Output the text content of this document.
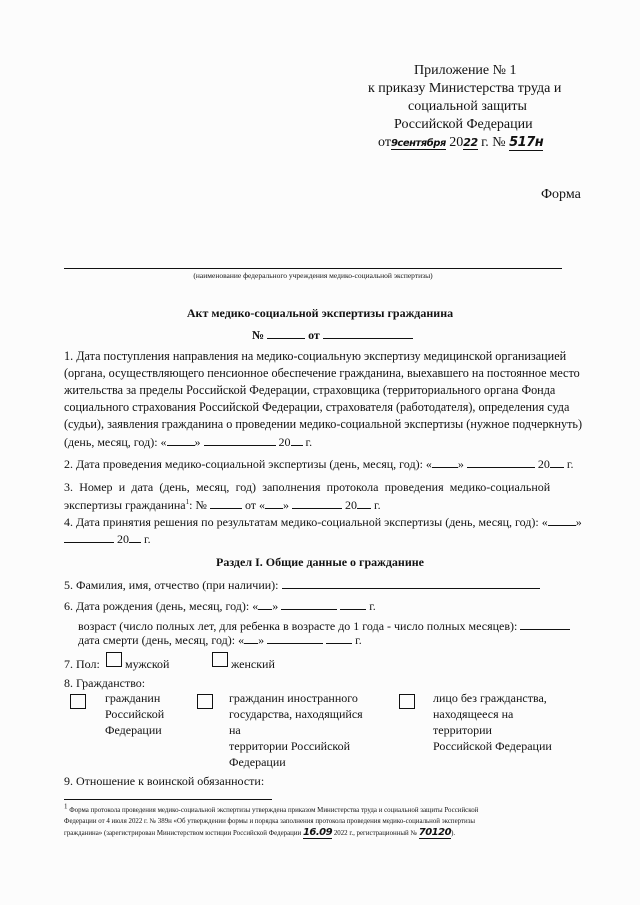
Приложение № 1
к приказу Министерства труда и
социальной защиты
Российской Федерации
от9сентября 2022 г. № 517н
Форма
(наименование федерального учреждения медико-социальной экспертизы)
Акт медико-социальной экспертизы гражданина
№	от
1. Дата поступления направления на медико-социальную экспертизу медицинской организацией
(органа, осуществляющего пенсионное обеспечение гражданина, выехавшего на постоянное место
жительства за пределы Российской Федерации, страховщика (территориального органа Фонда
социального страхования Российской Федерации, страхователя (работодателя), определения суда
(судьи), заявления гражданина о проведении медико-социальной экспертизы (нужное подчеркнуть)
(день, месяц, год): « »	20 г.
2. Дата проведения медико-социальной экспертизы (день, месяц, год): « »	20 г.
3. Номер и дата (день, месяц, год) заполнения протокола проведения медико-социальной
экспертизы гражданина$^1$: №	от « »	20 г.
4. Дата принятия решения по результатам медико-социальной экспертизы (день, месяц, год): « »
20 г.
Раздел I. Общие данные о гражданине
5. Фамилия, имя, отчество (при наличии):
6. Дата рождения (день, месяц, год): « »	г.
возраст (число полных лет, для ребенка в возрасте до 1 года - число полных месяцев):
дата смерти (день, месяц, год): « »	г.
7. Пол: мужской	женский
8. Гражданство:
гражданин
Российской
Федерации
гражданин иностранного
государства, находящийся
на
территории Российской
Федерации
лицо без гражданства,
находящееся на
территории
Российской Федерации
9. Отношение к воинской обязанности:
$^1$ Форма протокола проведения медико-социальной экспертизы утверждена приказом Министерства труда и социальной защиты Российской
Федерации от 4 июля 2022 г. № 389н «Об утверждении формы и порядка заполнения протокола проведения медико-социальной экспертизы
гражданина» (зарегистрирован Министерством юстиции Российской Федерации 16.09 2022 г., регистрационный № 70120).
